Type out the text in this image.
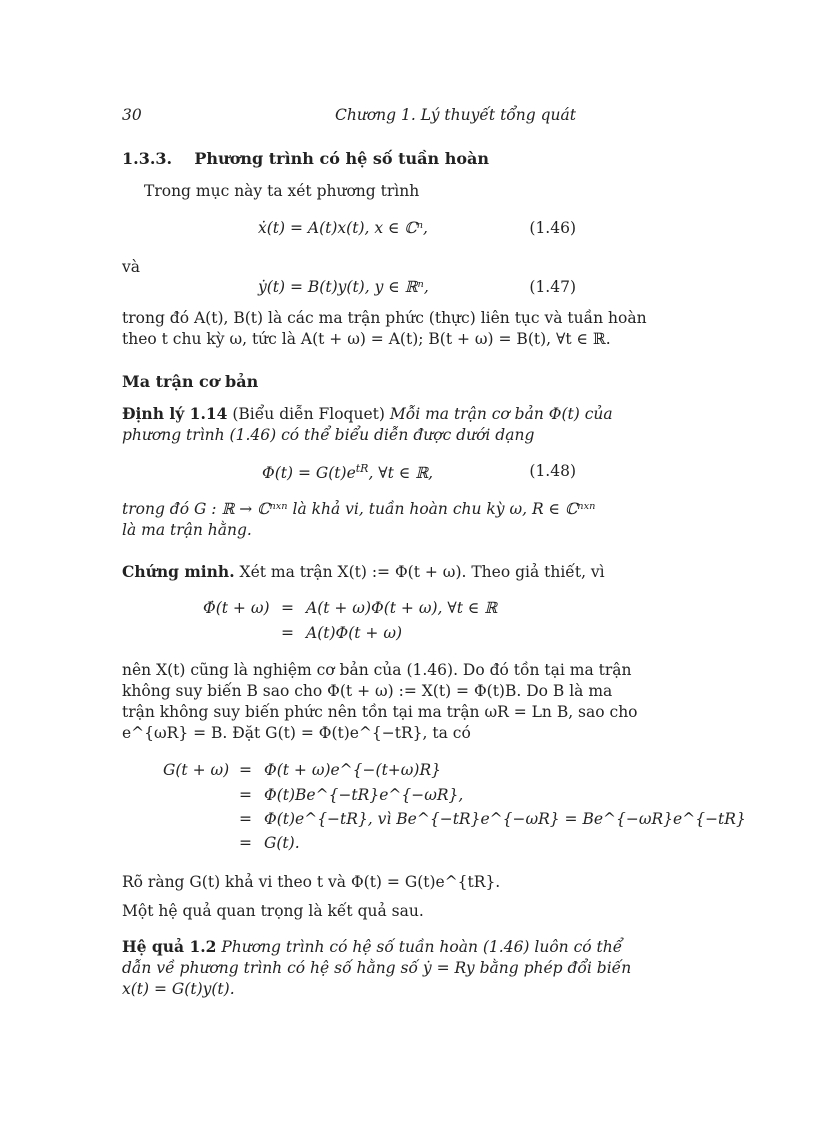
30	Chương 1. Lý thuyết tổng quát
1.3.3. Phương trình có hệ số tuần hoàn
Trong mục này ta xét phương trình
ẋ(t) = A(t)x(t), x ∈ ℂⁿ,	(1.46)
và
ẏ(t) = B(t)y(t), y ∈ ℝⁿ,	(1.47)
trong đó A(t), B(t) là các ma trận phức (thực) liên tục và tuần hoàn
theo t chu kỳ ω, tức là A(t + ω) = A(t); B(t + ω) = B(t), ∀t ∈ ℝ.
Ma trận cơ bản
Định lý 1.14 (Biểu diễn Floquet) Mỗi ma trận cơ bản Φ(t) của
phương trình (1.46) có thể biểu diễn được dưới dạng
$\Phi(t) = G(t)e^{tR}$, ∀t ∈ ℝ,	(1.48)
trong đó G : ℝ → ℂⁿˣⁿ là khả vi, tuần hoàn chu kỳ ω, R ∈ ℂⁿˣⁿ
là ma trận hằng.
Chứng minh. Xét ma trận X(t) := Φ(t + ω). Theo giả thiết, vì
Φ̇(t + ω) = A(t + ω)Φ(t + ω), ∀t ∈ ℝ
= A(t)Φ(t + ω)
nên X(t) cũng là nghiệm cơ bản của (1.46). Do đó tồn tại ma trận
không suy biến B sao cho Φ(t + ω) := X(t) = Φ(t)B. Do B là ma
trận không suy biến phức nên tồn tại ma trận ωR = Ln B, sao cho
e^{ωR} = B. Đặt G(t) = Φ(t)e^{−tR}, ta có
G(t + ω) = Φ(t + ω)e^{−(t+ω)R}
= Φ(t)Be^{−tR}e^{−ωR},
= Φ(t)e^{−tR}, vì Be^{−tR}e^{−ωR} = Be^{−ωR}e^{−tR}
= G(t).
Rõ ràng G(t) khả vi theo t và Φ(t) = G(t)e^{tR}.
Một hệ quả quan trọng là kết quả sau.
Hệ quả 1.2 Phương trình có hệ số tuần hoàn (1.46) luôn có thể
dẫn về phương trình có hệ số hằng số ẏ = Ry bằng phép đổi biến
x(t) = G(t)y(t).
